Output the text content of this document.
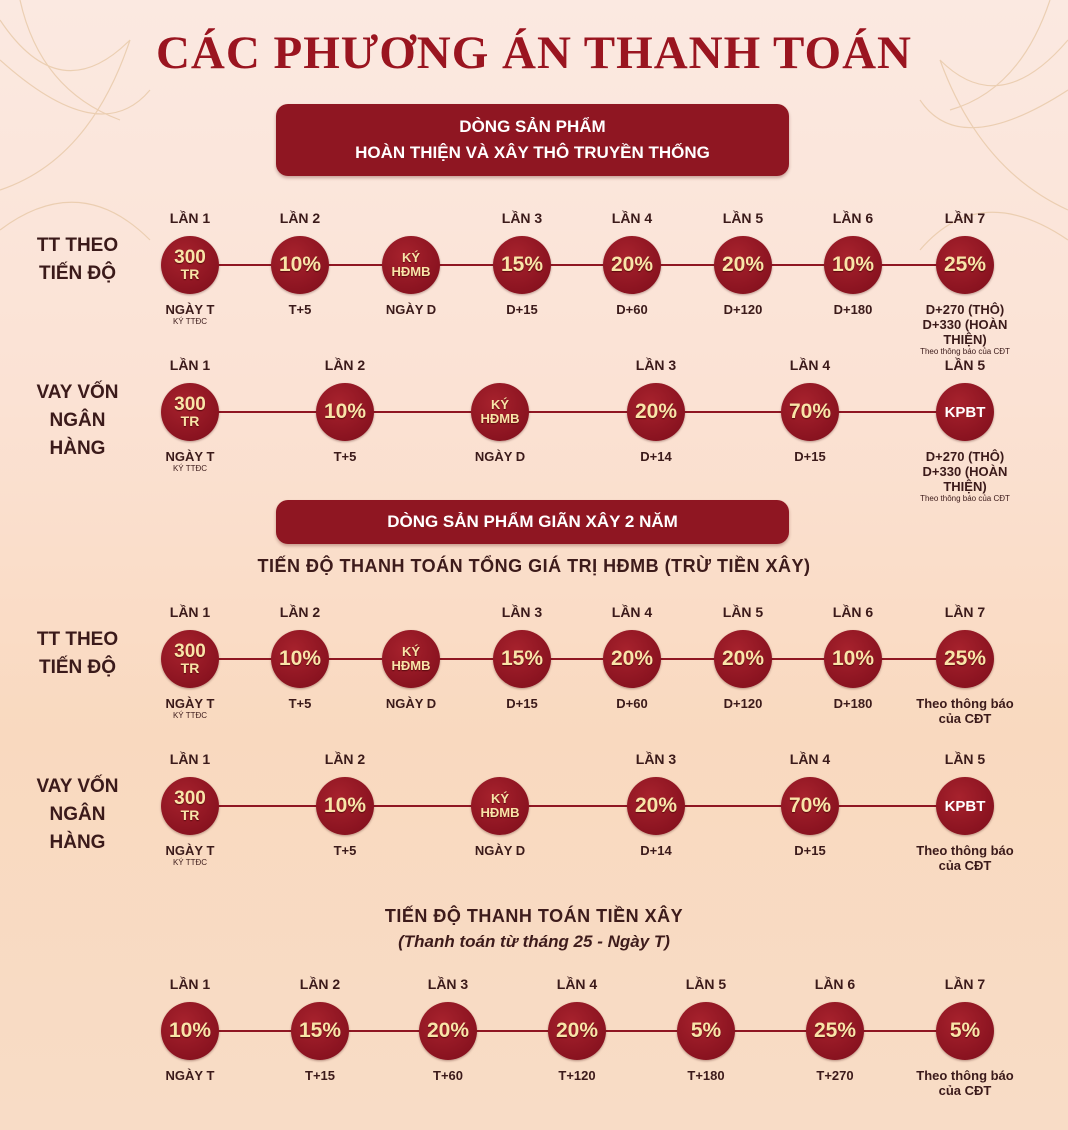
CÁC PHƯƠNG ÁN THANH TOÁN
DÒNG SẢN PHẨM
HOÀN THIỆN VÀ XÂY THÔ TRUYỀN THỐNG
TT THEO
TIẾN ĐỘ
LẦN 1
300
TR
NGÀY T
KÝ TTĐC
LẦN 2
10%
T+5
KÝ
HĐMB
NGÀY D
LẦN 3
15%
D+15
LẦN 4
20%
D+60
LẦN 5
20%
D+120
LẦN 6
10%
D+180
LẦN 7
25%
D+270 (THÔ)
D+330 (HOÀN THIỆN)
Theo thông báo của CĐT
VAY VỐN
NGÂN HÀNG
LẦN 1
300
TR
NGÀY T
KÝ TTĐC
LẦN 2
10%
T+5
KÝ
HĐMB
NGÀY D
LẦN 3
20%
D+14
LẦN 4
70%
D+15
LẦN 5
KPBT
D+270 (THÔ)
D+330 (HOÀN THIỆN)
Theo thông báo của CĐT
DÒNG SẢN PHẨM GIÃN XÂY 2 NĂM
TIẾN ĐỘ THANH TOÁN TỔNG GIÁ TRỊ HĐMB (TRỪ TIỀN XÂY)
TT THEO
TIẾN ĐỘ
LẦN 1
300
TR
NGÀY T
KÝ TTĐC
LẦN 2
10%
T+5
KÝ
HĐMB
NGÀY D
LẦN 3
15%
D+15
LẦN 4
20%
D+60
LẦN 5
20%
D+120
LẦN 6
10%
D+180
LẦN 7
25%
Theo thông báo
của CĐT
VAY VỐN
NGÂN HÀNG
LẦN 1
300
TR
NGÀY T
KÝ TTĐC
LẦN 2
10%
T+5
KÝ
HĐMB
NGÀY D
LẦN 3
20%
D+14
LẦN 4
70%
D+15
LẦN 5
KPBT
Theo thông báo
của CĐT
TIẾN ĐỘ THANH TOÁN TIỀN XÂY
(Thanh toán từ tháng 25 - Ngày T)
LẦN 1
10%
NGÀY T
LẦN 2
15%
T+15
LẦN 3
20%
T+60
LẦN 4
20%
T+120
LẦN 5
5%
T+180
LẦN 6
25%
T+270
LẦN 7
5%
Theo thông báo
của CĐT
